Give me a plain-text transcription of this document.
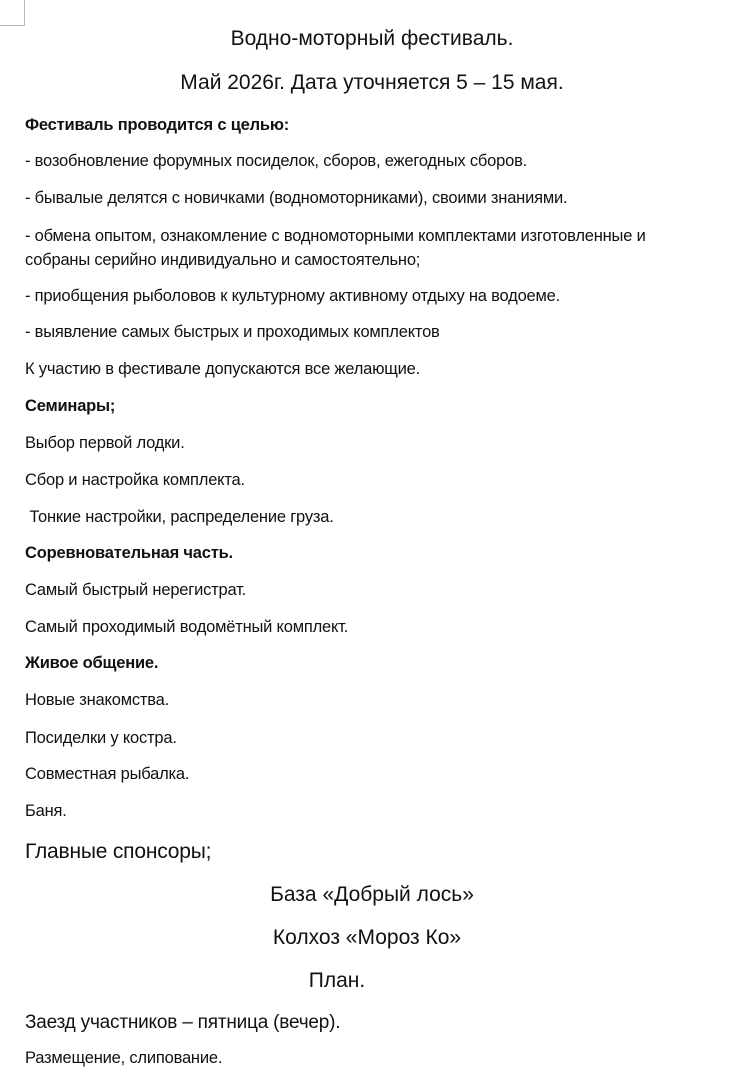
Водно-моторный фестиваль.
Май 2026г. Дата уточняется 5 – 15 мая.
Фестиваль проводится с целью:
- возобновление форумных посиделок, сборов, ежегодных сборов.
- бывалые делятся с новичками (водномоторниками), своими знаниями.
- обмена опытом, ознакомление с водномоторными комплектами изготовленные и
собраны серийно индивидуально и самостоятельно;
- приобщения рыболовов к культурному активному отдыху на водоеме.
- выявление самых быстрых и проходимых комплектов
К участию в фестивале допускаются все желающие.
Семинары;
Выбор первой лодки.
Сбор и настройка комплекта.
Тонкие настройки, распределение груза.
Соревновательная часть.
Самый быстрый нерегистрат.
Самый проходимый водомётный комплект.
Живое общение.
Новые знакомства.
Посиделки у костра.
Совместная рыбалка.
Баня.
Главные спонсоры;
База «Добрый лось»
Колхоз «Мороз Ко»
План.
Заезд участников – пятница (вечер).
Размещение, слипование.
